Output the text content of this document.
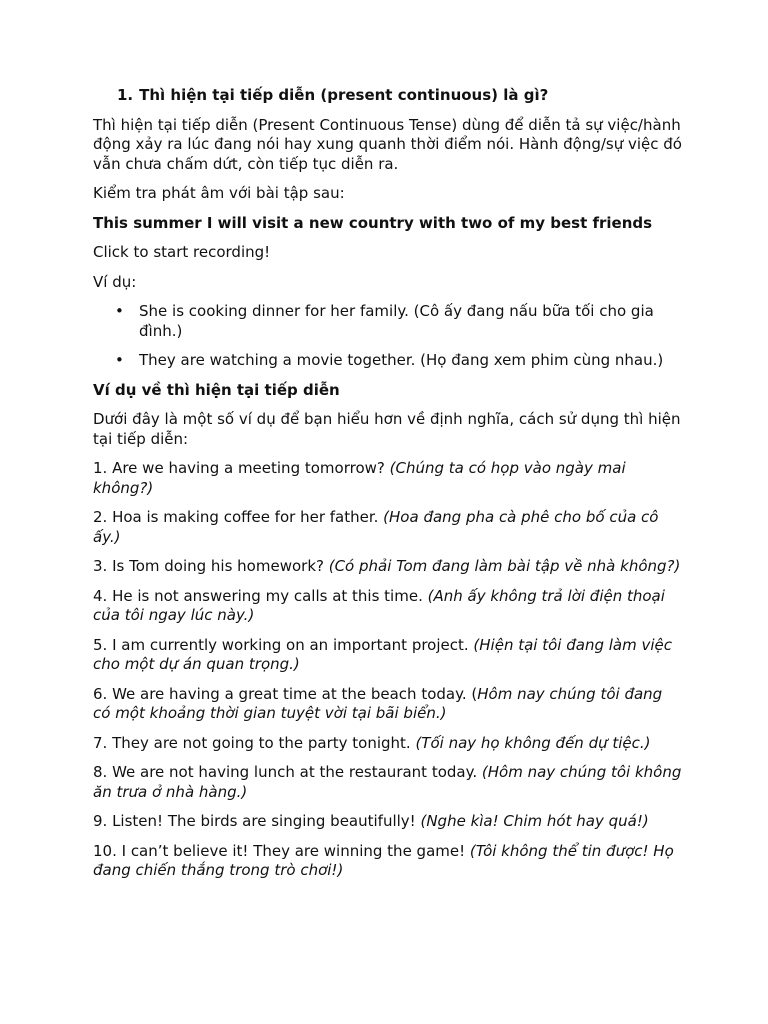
1. Thì hiện tại tiếp diễn (present continuous) là gì?

Thì hiện tại tiếp diễn (Present Continuous Tense) dùng để diễn tả sự việc/hành động xảy ra lúc đang nói hay xung quanh thời điểm nói. Hành động/sự việc đó vẫn chưa chấm dứt, còn tiếp tục diễn ra.

Kiểm tra phát âm với bài tập sau:

This summer I will visit a new country with two of my best friends

Click to start recording!

Ví dụ:

• She is cooking dinner for her family. (Cô ấy đang nấu bữa tối cho gia đình.)
• They are watching a movie together. (Họ đang xem phim cùng nhau.)

Ví dụ về thì hiện tại tiếp diễn

Dưới đây là một số ví dụ để bạn hiểu hơn về định nghĩa, cách sử dụng thì hiện tại tiếp diễn:

1. Are we having a meeting tomorrow? (Chúng ta có họp vào ngày mai không?)

2. Hoa is making coffee for her father. (Hoa đang pha cà phê cho bố của cô ấy.)

3. Is Tom doing his homework? (Có phải Tom đang làm bài tập về nhà không?)

4. He is not answering my calls at this time. (Anh ấy không trả lời điện thoại của tôi ngay lúc này.)

5. I am currently working on an important project. (Hiện tại tôi đang làm việc cho một dự án quan trọng.)

6. We are having a great time at the beach today. (Hôm nay chúng tôi đang có một khoảng thời gian tuyệt vời tại bãi biển.)

7. They are not going to the party tonight. (Tối nay họ không đến dự tiệc.)

8. We are not having lunch at the restaurant today. (Hôm nay chúng tôi không ăn trưa ở nhà hàng.)

9. Listen! The birds are singing beautifully! (Nghe kìa! Chim hót hay quá!)

10. I can’t believe it! They are winning the game! (Tôi không thể tin được! Họ đang chiến thắng trong trò chơi!)
